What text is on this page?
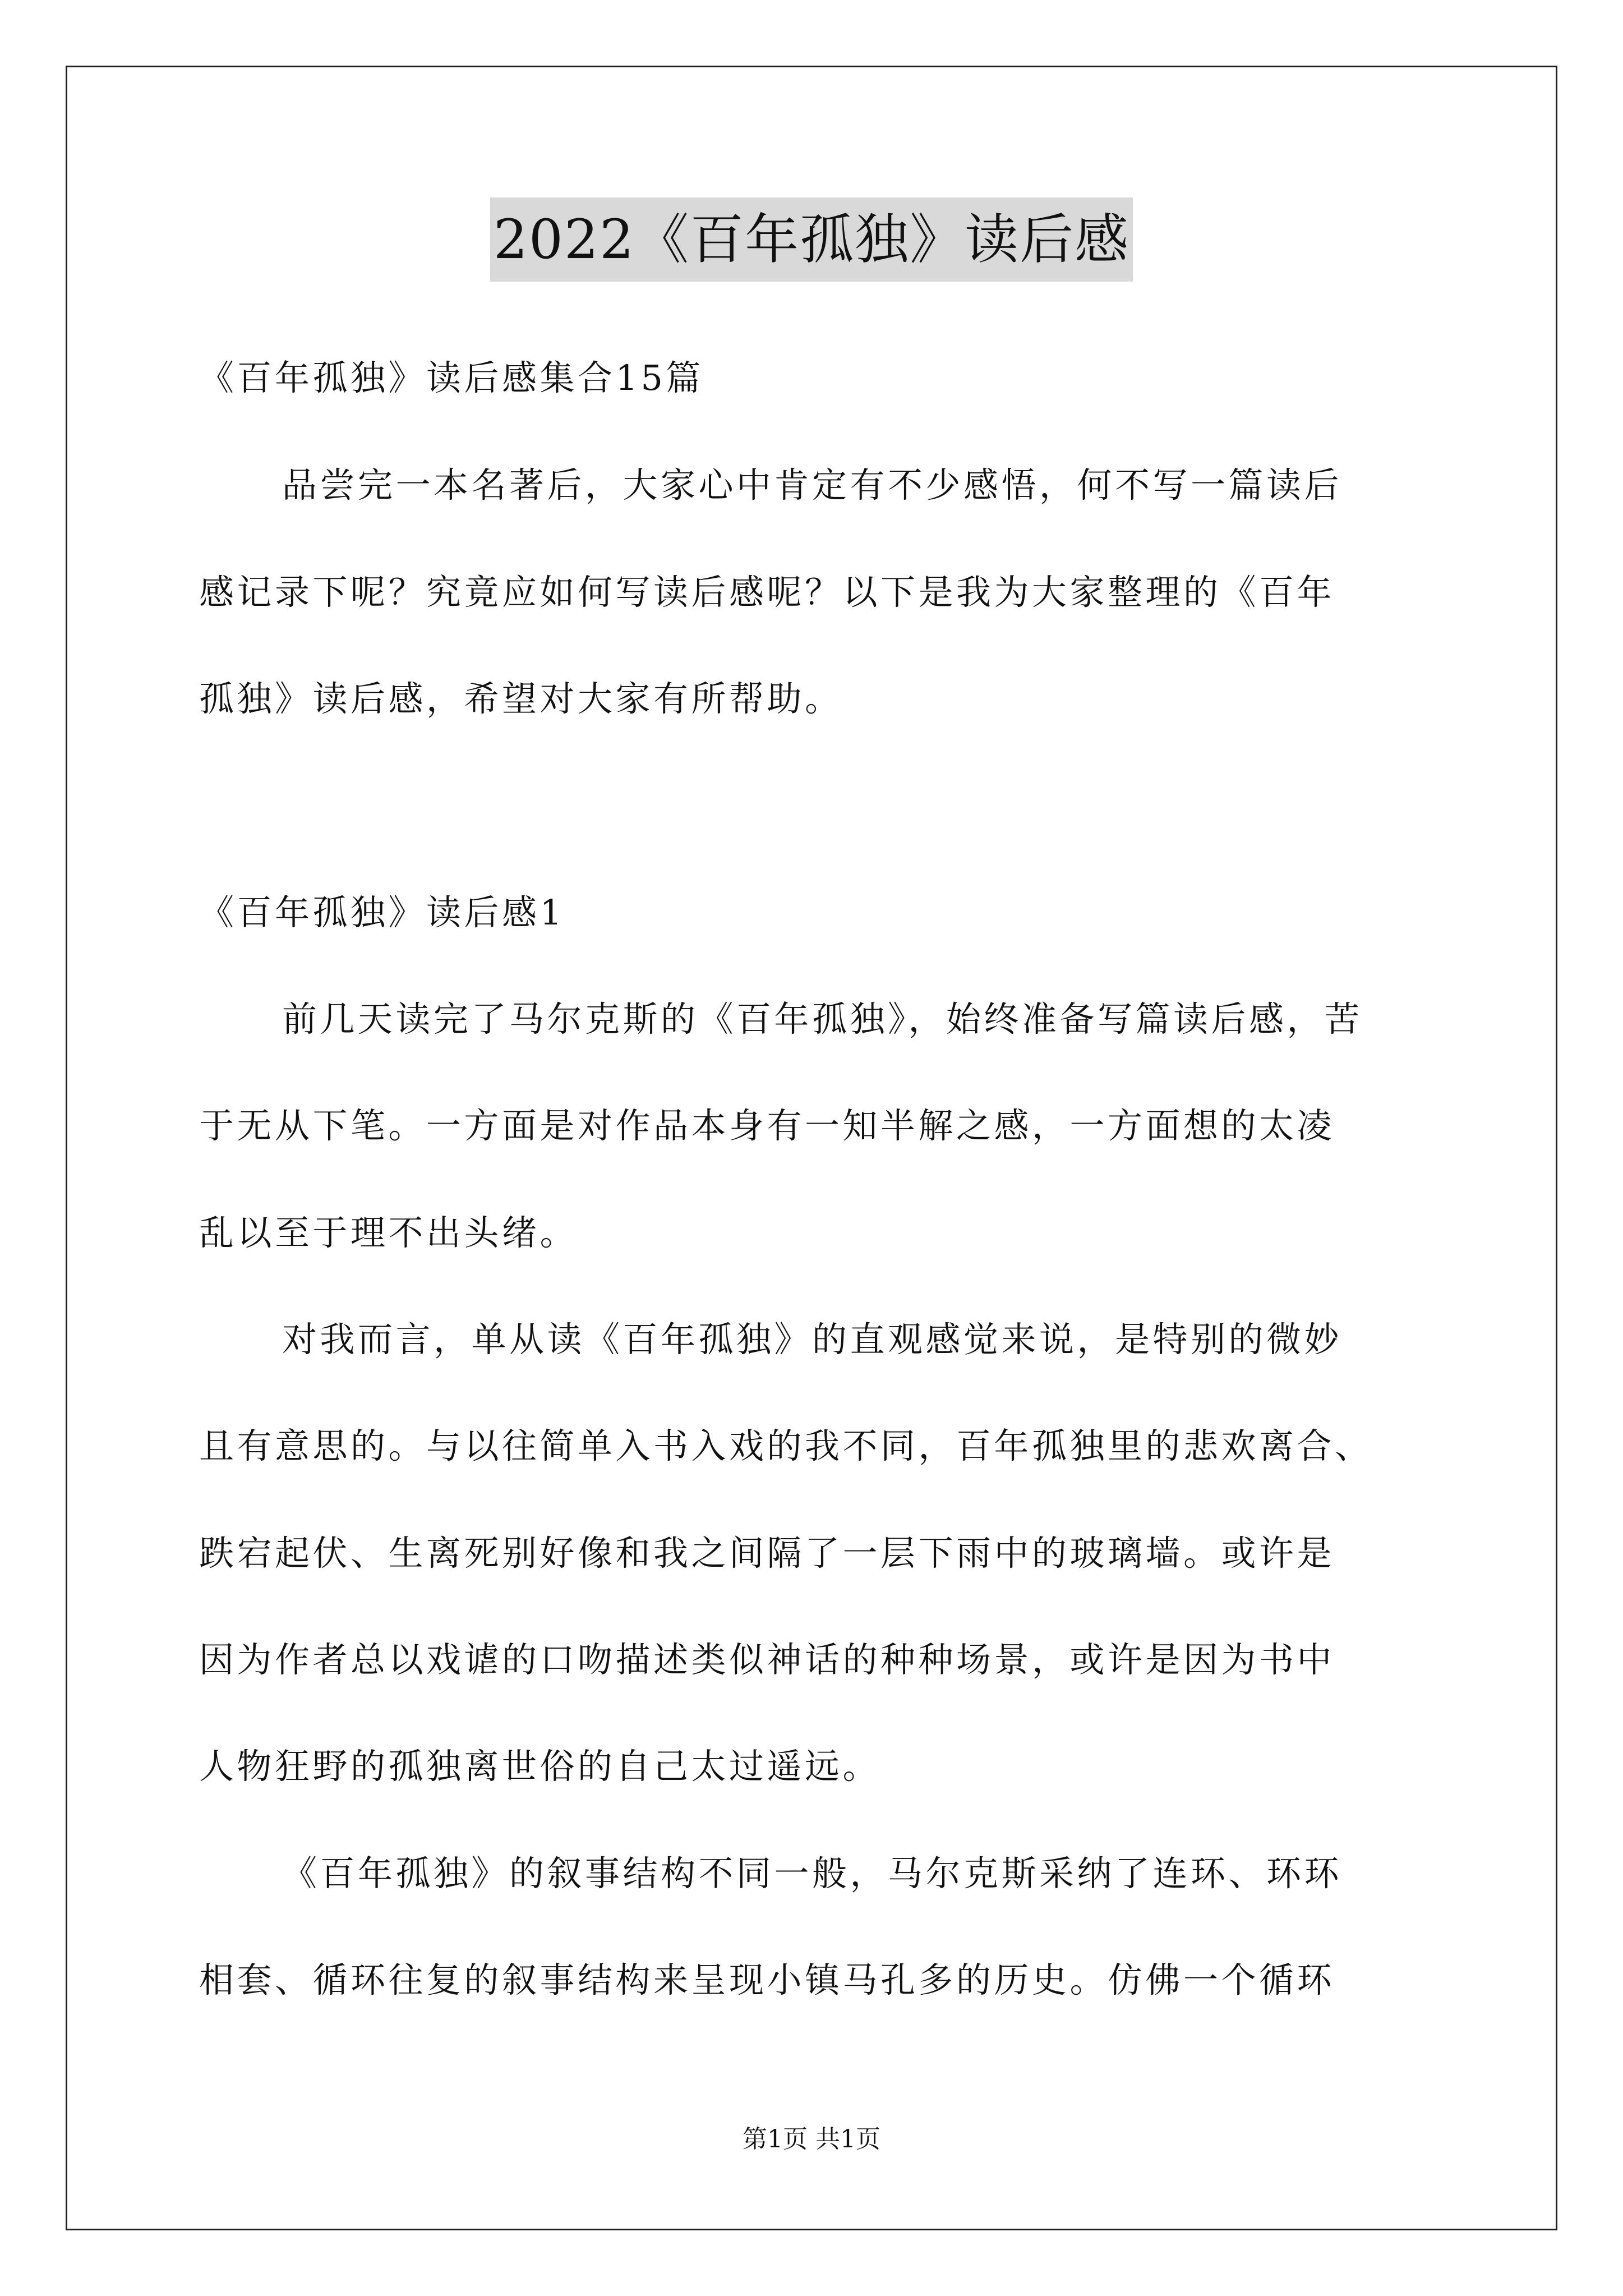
2022《百年孤独》读后感
《百年孤独》读后感集合15篇
品尝完一本名著后，大家心中肯定有不少感悟，何不写一篇读后
感记录下呢？究竟应如何写读后感呢？以下是我为大家整理的《百年
孤独》读后感，希望对大家有所帮助。
《百年孤独》读后感1
前几天读完了马尔克斯的《百年孤独》，始终准备写篇读后感，苦
于无从下笔。一方面是对作品本身有一知半解之感，一方面想的太凌
乱以至于理不出头绪。
对我而言，单从读《百年孤独》的直观感觉来说，是特别的微妙
且有意思的。与以往简单入书入戏的我不同，百年孤独里的悲欢离合、
跌宕起伏、生离死别好像和我之间隔了一层下雨中的玻璃墙。或许是
因为作者总以戏谑的口吻描述类似神话的种种场景，或许是因为书中
人物狂野的孤独离世俗的自己太过遥远。
《百年孤独》的叙事结构不同一般，马尔克斯采纳了连环、环环
相套、循环往复的叙事结构来呈现小镇马孔多的历史。仿佛一个循环
第1页 共1页
